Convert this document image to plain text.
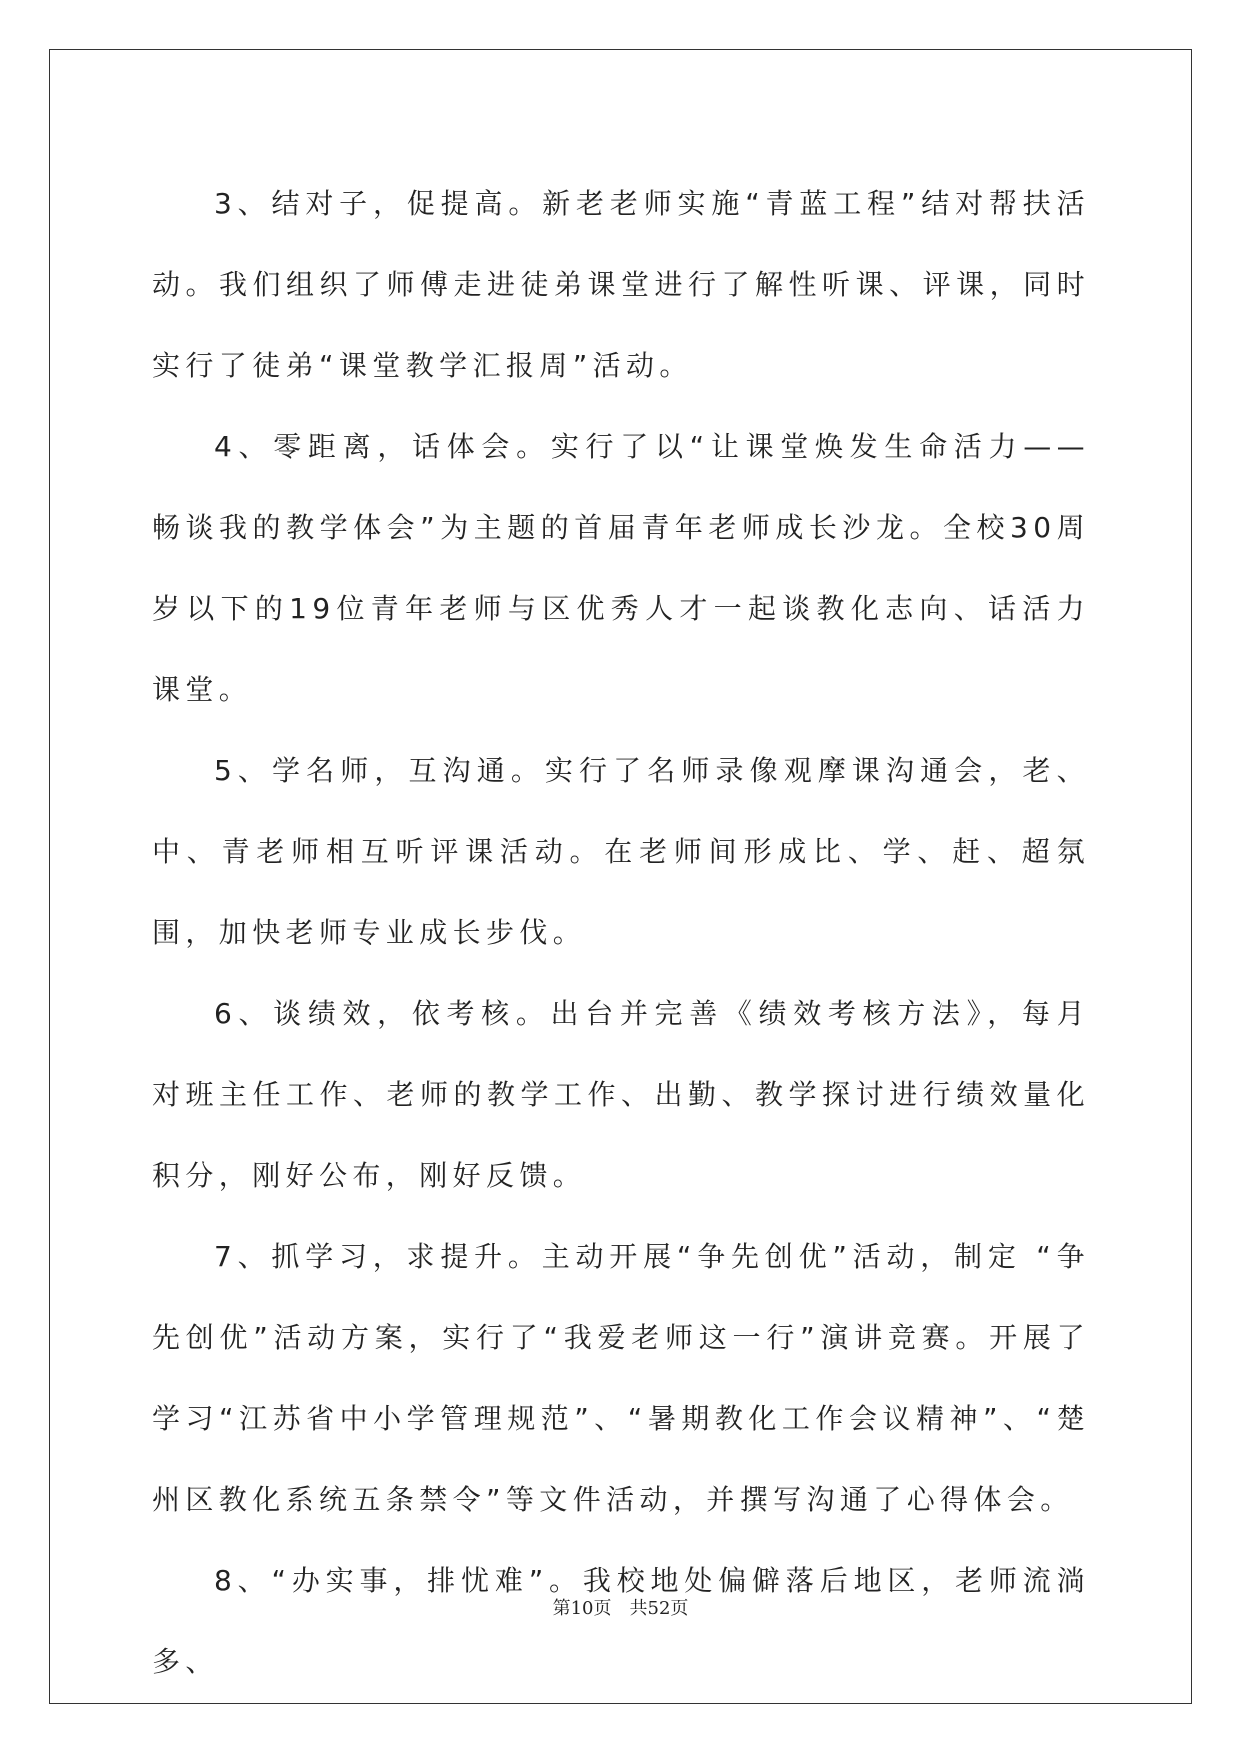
3、结对子，促提高。新老老师实施“青蓝工程”结对帮扶活动。我们组织了师傅走进徒弟课堂进行了解性听课、评课，同时实行了徒弟“课堂教学汇报周”活动。

4、零距离，话体会。实行了以“让课堂焕发生命活力——畅谈我的教学体会”为主题的首届青年老师成长沙龙。全校30周岁以下的19位青年老师与区优秀人才一起谈教化志向、话活力课堂。

5、学名师，互沟通。实行了名师录像观摩课沟通会，老、中、青老师相互听评课活动。在老师间形成比、学、赶、超氛围，加快老师专业成长步伐。

6、谈绩效，依考核。出台并完善《绩效考核方法》，每月对班主任工作、老师的教学工作、出勤、教学探讨进行绩效量化积分，刚好公布，刚好反馈。

7、抓学习，求提升。主动开展“争先创优”活动，制定 “争先创优”活动方案，实行了“我爱老师这一行”演讲竞赛。开展了学习“江苏省中小学管理规范”、“暑期教化工作会议精神”、“楚州区教化系统五条禁令”等文件活动，并撰写沟通了心得体会。

8、“办实事，排忧难”。我校地处偏僻落后地区，老师流淌多、

第10页　共52页
